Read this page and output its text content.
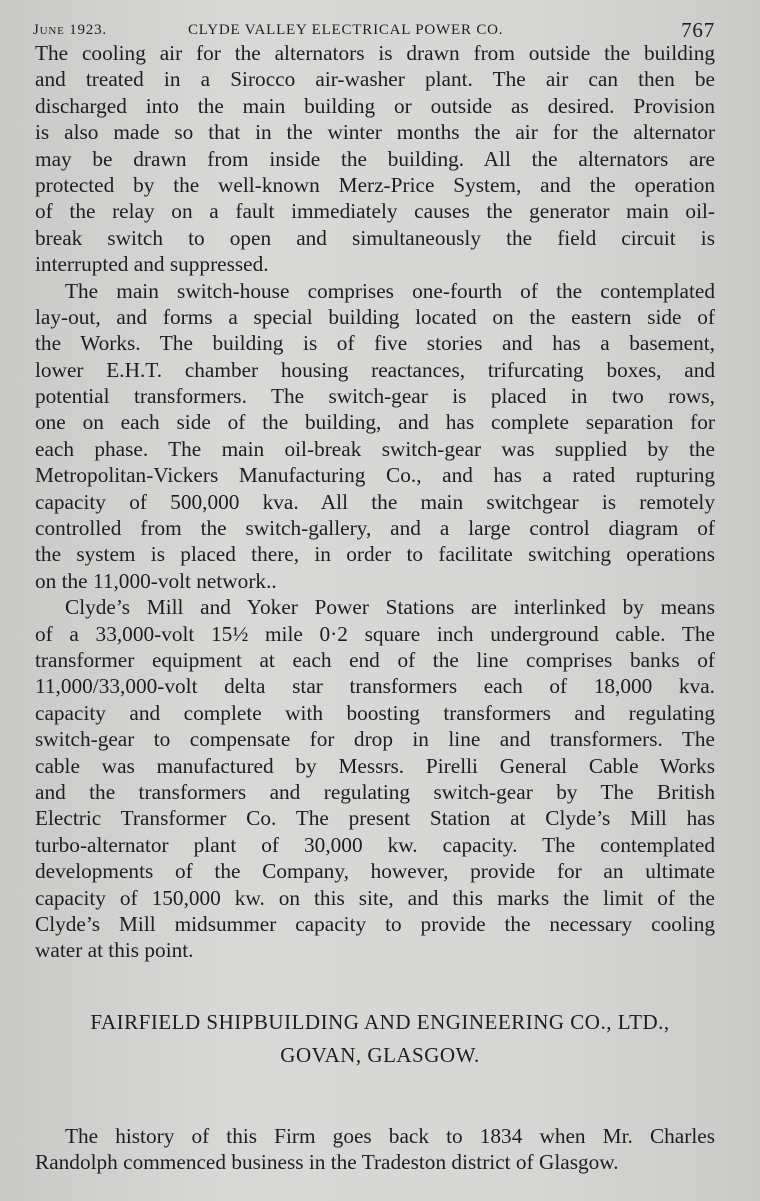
June 1923.	CLYDE VALLEY ELECTRICAL POWER CO.	767
The cooling air for the alternators is drawn from outside the building
and treated in a Sirocco air-washer plant. The air can then be
discharged into the main building or outside as desired. Provision
is also made so that in the winter months the air for the alternator
may be drawn from inside the building. All the alternators are
protected by the well-known Merz-Price System, and the operation
of the relay on a fault immediately causes the generator main oil-
break switch to open and simultaneously the field circuit is
interrupted and suppressed.
The main switch-house comprises one-fourth of the contemplated
lay-out, and forms a special building located on the eastern side of
the Works. The building is of five stories and has a basement,
lower E.H.T. chamber housing reactances, trifurcating boxes, and
potential transformers. The switch-gear is placed in two rows,
one on each side of the building, and has complete separation for
each phase. The main oil-break switch-gear was supplied by the
Metropolitan-Vickers Manufacturing Co., and has a rated rupturing
capacity of 500,000 kva. All the main switchgear is remotely
controlled from the switch-gallery, and a large control diagram of
the system is placed there, in order to facilitate switching operations
on the 11,000-volt network..
Clyde’s Mill and Yoker Power Stations are interlinked by means
of a 33,000-volt 15½ mile 0·2 square inch underground cable. The
transformer equipment at each end of the line comprises banks of
11,000/33,000-volt delta star transformers each of 18,000 kva.
capacity and complete with boosting transformers and regulating
switch-gear to compensate for drop in line and transformers. The
cable was manufactured by Messrs. Pirelli General Cable Works
and the transformers and regulating switch-gear by The British
Electric Transformer Co. The present Station at Clyde’s Mill has
turbo-alternator plant of 30,000 kw. capacity. The contemplated
developments of the Company, however, provide for an ultimate
capacity of 150,000 kw. on this site, and this marks the limit of the
Clyde’s Mill midsummer capacity to provide the necessary cooling
water at this point.
FAIRFIELD SHIPBUILDING AND ENGINEERING CO., LTD.,
GOVAN, GLASGOW.
The history of this Firm goes back to 1834 when Mr. Charles
Randolph commenced business in the Tradeston district of Glasgow.
